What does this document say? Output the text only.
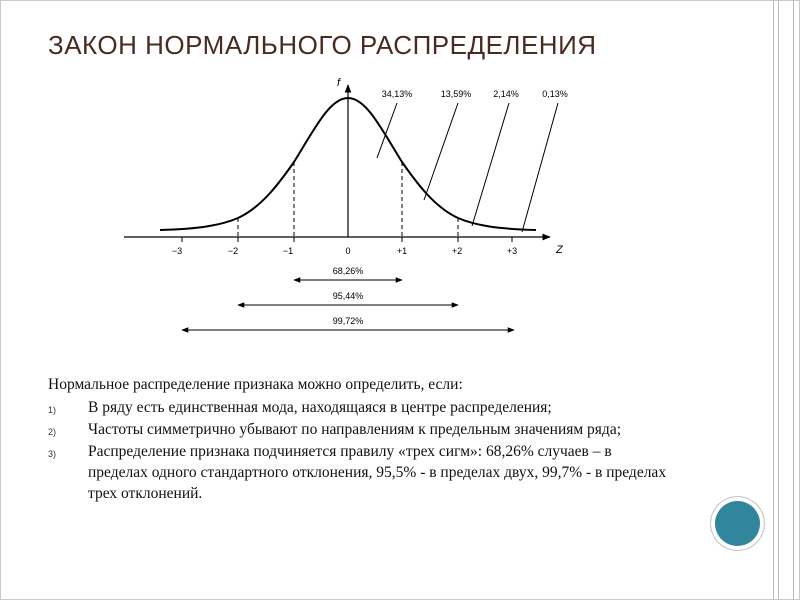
ЗАКОН НОРМАЛЬНОГО РАСПРЕДЕЛЕНИЯ
f
Z
−3	−2	−1	0	+1	+2	+3
34,13%	13,59% 2,14%	0,13%
68,26%
95,44%
99,72%

Нормальное распределение признака можно определить, если:

1) В ряду есть единственная мода, находящаяся в центре распределения;
2) Частоты симметрично убывают по направлениям к предельным значениям ряда;
3) Распределение признака подчиняется правилу «трех сигм»: 68,26% случаев – в пределах одного стандартного отклонения, 95,5% - в пределах двух, 99,7% - в пределах трех отклонений.
